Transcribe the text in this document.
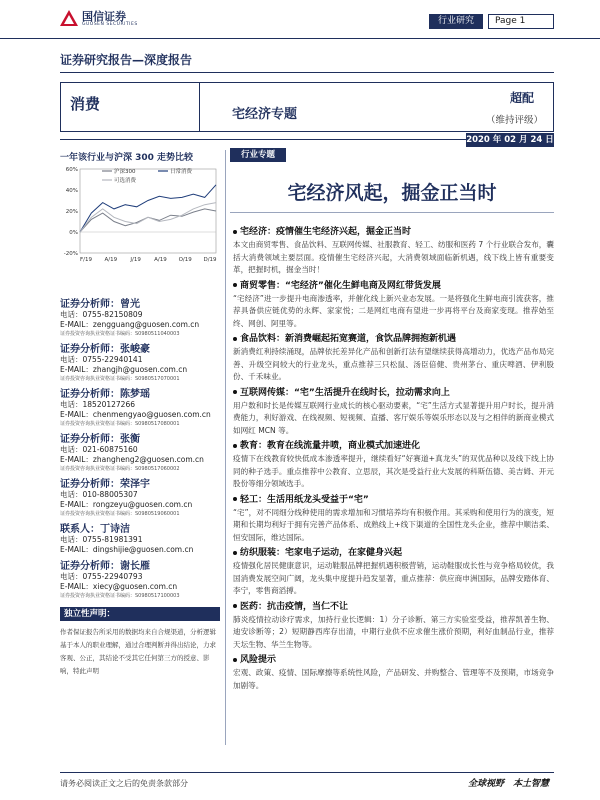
国信证券
GUOSEN SECURITIES	行业研究	Page 1
证券研究报告—深度报告
消费
宅经济专题
超配
（维持评级）
2020 年 02 月 24 日
一年该行业与沪深 300 走势比较
60%
40%
20%
0%
-20%
F/19 A/19 J/19 A/19 O/19 D/19
沪深300	日常消费
可选消费
证券分析师：曾光
电话：0755-82150809
E-MAIL：zengguang@guosen.com.cn
证券投资咨询执业资格证书编码：S0980511040003
证券分析师：张峻豪
电话：0755-22940141
E-MAIL：zhangjh@guosen.com.cn
证券投资咨询执业资格证书编码：S0980517070001
证券分析师：陈梦瑶
电话：18520127266
E-MAIL：chenmengyao@guosen.com.cn
证券投资咨询执业资格证书编码：S0980517080001
证券分析师：张衡
电话：021-60875160
E-MAIL：zhangheng2@guosen.com.cn
证券投资咨询执业资格证书编码：S0980517060002
证券分析师：荣泽宇
电话：010-88005307
E-MAIL：rongzeyu@guosen.com.cn
证券投资咨询执业资格证书编码：S0980519060001
联系人：丁诗洁
电话：0755-81981391
E-MAIL：dingshijie@guosen.com.cn
证券分析师：谢长雁
电话：0755-22940793
E-MAIL：xiecy@guosen.com.cn
证券投资咨询执业资格证书编码：S0980517100003
独立性声明：
作者保证报告所采用的数据均来自合规渠道，分析逻辑基于本人的职业理解，通过合理判断并得出结论，力求客观、公正，其结论不受其它任何第三方的授意、影响，特此声明
行业专题
宅经济风起，掘金正当时
宅经济：疫情催生宅经济兴起，掘金正当时
本文由商贸零售、食品饮料、互联网传媒、社服教育、轻工、纺服和医药 7 个行业联合发布，囊括大消费领域主要层面。疫情催生宅经济兴起，大消费领域面临新机遇，线下线上皆有重要变革，把握时机，掘金当时！
商贸零售：“宅经济”催化生鲜电商及网红带货发展
“宅经济”进一步提升电商渗透率，并催化线上新兴业态发展。一是将强化生鲜电商引流获客，推荐具备供应链优势的永辉、家家悦；二是网红电商有望进一步再将平台及商家变现。推荐始至终、网创、阿里等。
食品饮料：新消费崛起拓宽赛道，食饮品牌拥抱新机遇
新消费红利持续涌现，品牌依托差异化产品和创新打法有望继续获得高增动力，优选产品布局完善、升级空间较大的行业龙头，重点推荐三只松鼠、汤臣倍健、贵州茅台、重庆啤酒、伊利股份、千禾味业。
互联网传媒：“宅”生活提升在线时长，拉动需求向上
用户数和时长是传媒互联网行业成长的核心驱动要素，“宅”生活方式显著提升用户时长，提升消费能力，利好游戏、在线视频、短视频、直播、客厅娱乐等娱乐形态以及与之相伴的新商业模式如网红 MCN 等。
教育：教育在线流量井喷，商业模式加速进化
疫情下在线教育较快低成本渗透率提升，继续看好“好赛道+真龙头”的双优品种以及线下线上协同的种子选手。重点推荐中公教育、立思辰，其次是受益行业大发展的科斯伍德、美吉姆、开元股份等细分领域选手。
轻工：生活用纸龙头受益于“宅”
“宅”，对不同细分线种使用的需求增加和习惯培养均有积极作用。其采购和使用行为的演变，短期和长期均利好于拥有完善产品体系、成熟线上+线下渠道的全国性龙头企业，推荐中顺洁柔、恒安国际，维达国际。
纺织服装：宅家电子运动，在家健身兴起
疫情强化居民健康意识，运动鞋服品牌把握机遇积极营销，运动鞋服成长性与竞争格局较优，我国消费发展空间广阔，龙头集中度提升趋发显著，重点推荐：供应商申洲国际，品牌安踏体育、李宁，零售商滔搏。
医药：抗击疫情，当仁不让
肺炎疫情拉动诊疗需求，加持行业长逻辑：1）分子诊断、第三方实验室受益，推荐凯普生物、迪安诊断等；2）短期静西库存出清，中期行业供不应求催生涨价预期，利好血制品行业，推荐天坛生物、华兰生物等。
风险提示
宏观、政策、疫情、国际摩擦等系统性风险，产品研发、并购整合、管理等不及预期，市场竞争加剧等。
请务必阅读正文之后的免责条款部分	全球视野　本土智慧
